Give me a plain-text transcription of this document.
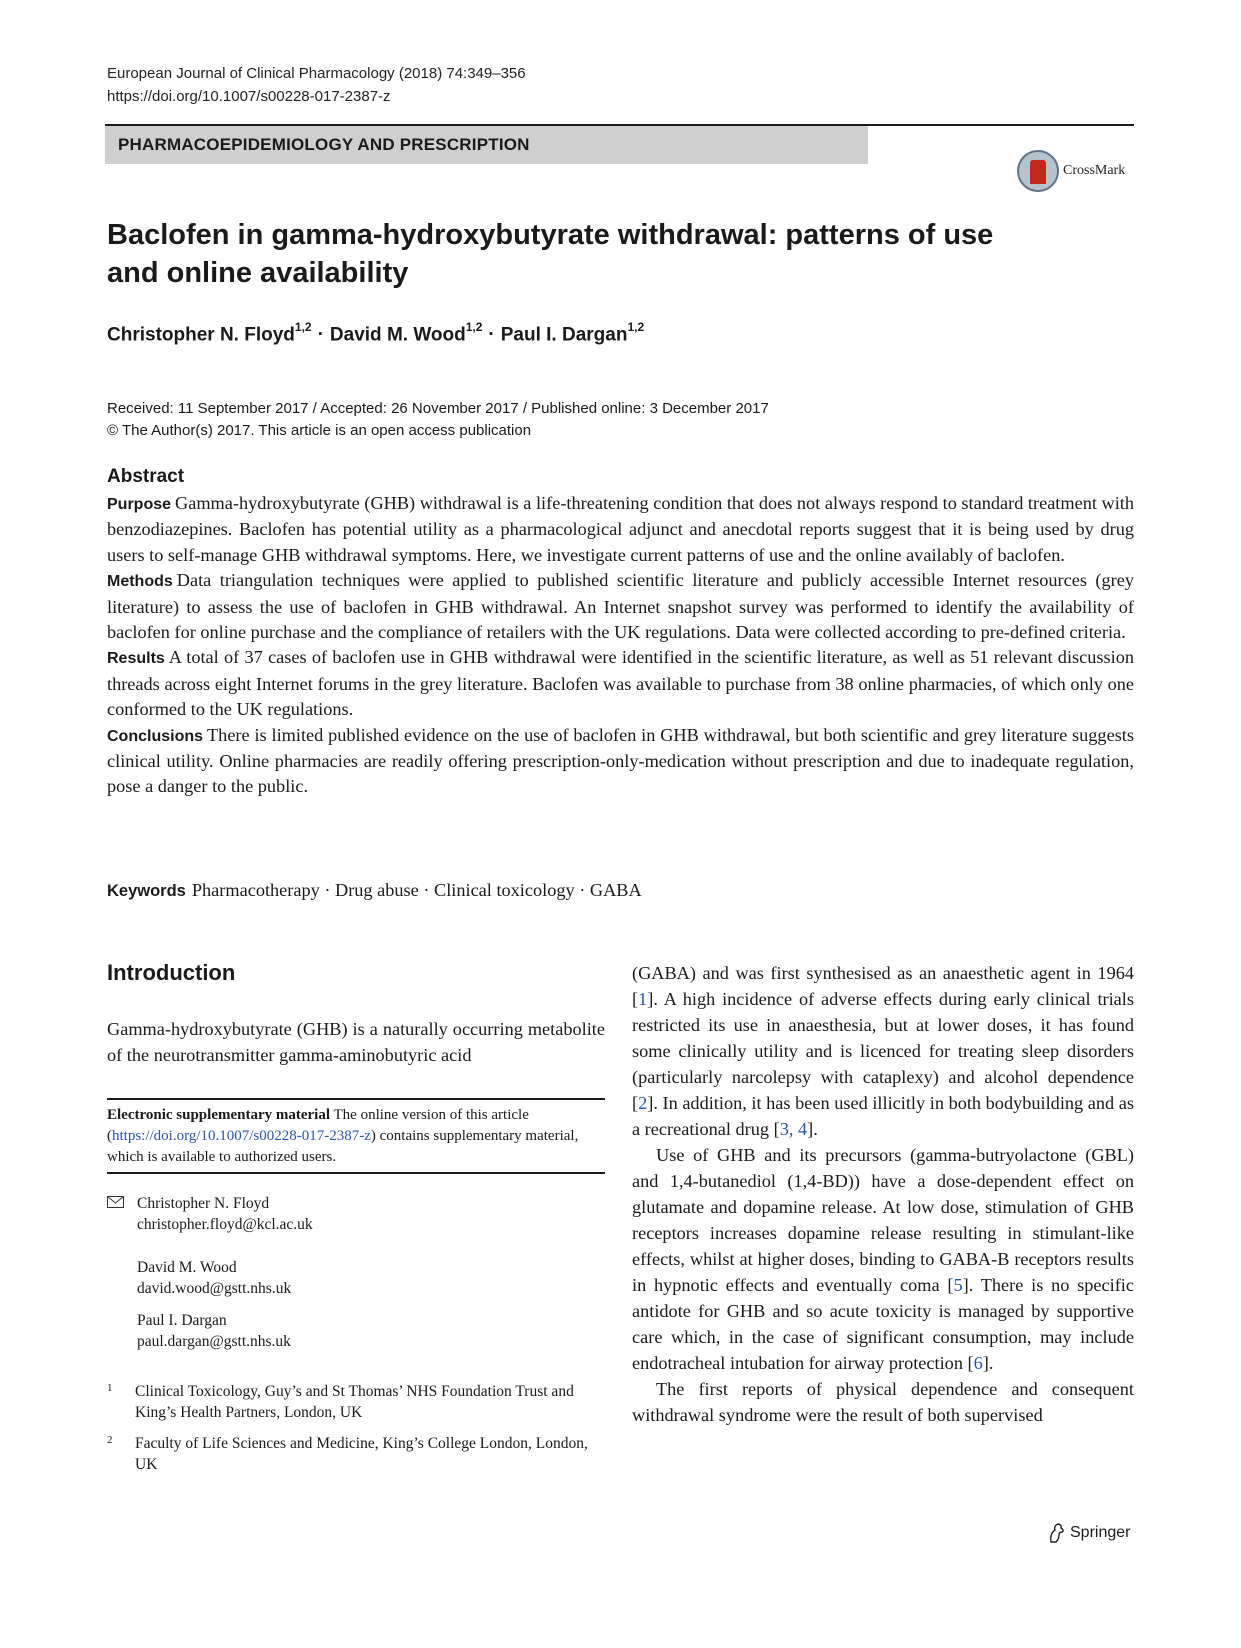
European Journal of Clinical Pharmacology (2018) 74:349–356
https://doi.org/10.1007/s00228-017-2387-z
PHARMACOEPIDEMIOLOGY AND PRESCRIPTION
CrossMark
Baclofen in gamma-hydroxybutyrate withdrawal: patterns of use and online availability
Christopher N. Floyd$^{1,2}$ · David M. Wood$^{1,2}$ · Paul I. Dargan$^{1,2}$
Received: 11 September 2017 / Accepted: 26 November 2017 / Published online: 3 December 2017
© The Author(s) 2017. This article is an open access publication
Abstract

Purpose Gamma-hydroxybutyrate (GHB) withdrawal is a life-threatening condition that does not always respond to standard treatment with benzodiazepines. Baclofen has potential utility as a pharmacological adjunct and anecdotal reports suggest that it is being used by drug users to self-manage GHB withdrawal symptoms. Here, we investigate current patterns of use and the online availably of baclofen.

Methods Data triangulation techniques were applied to published scientific literature and publicly accessible Internet resources (grey literature) to assess the use of baclofen in GHB withdrawal. An Internet snapshot survey was performed to identify the availability of baclofen for online purchase and the compliance of retailers with the UK regulations. Data were collected according to pre-defined criteria.

Results A total of 37 cases of baclofen use in GHB withdrawal were identified in the scientific literature, as well as 51 relevant discussion threads across eight Internet forums in the grey literature. Baclofen was available to purchase from 38 online pharmacies, of which only one conformed to the UK regulations.

Conclusions There is limited published evidence on the use of baclofen in GHB withdrawal, but both scientific and grey literature suggests clinical utility. Online pharmacies are readily offering prescription-only-medication without prescription and due to inadequate regulation, pose a danger to the public.

Keywords Pharmacotherapy · Drug abuse · Clinical toxicology · GABA
Introduction
Gamma-hydroxybutyrate (GHB) is a naturally occurring metabolite of the neurotransmitter gamma-aminobutyric acid
Electronic supplementary material The online version of this article (https://doi.org/10.1007/s00228-017-2387-z) contains supplementary material, which is available to authorized users.
Christopher N. Floyd
christopher.floyd@kcl.ac.uk
David M. Wood
david.wood@gstt.nhs.uk
Paul I. Dargan
paul.dargan@gstt.nhs.uk
1 Clinical Toxicology, Guy’s and St Thomas’ NHS Foundation Trust and King’s Health Partners, London, UK
2 Faculty of Life Sciences and Medicine, King’s College London, London, UK

(GABA) and was first synthesised as an anaesthetic agent in 1964 [1]. A high incidence of adverse effects during early clinical trials restricted its use in anaesthesia, but at lower doses, it has found some clinically utility and is licenced for treating sleep disorders (particularly narcolepsy with cataplexy) and alcohol dependence [2]. In addition, it has been used illicitly in both bodybuilding and as a recreational drug [3, 4].

Use of GHB and its precursors (gamma-butryolactone (GBL) and 1,4-butanediol (1,4-BD)) have a dose-dependent effect on glutamate and dopamine release. At low dose, stimulation of GHB receptors increases dopamine release resulting in stimulant-like effects, whilst at higher doses, binding to GABA-B receptors results in hypnotic effects and eventually coma [5]. There is no specific antidote for GHB and so acute toxicity is managed by supportive care which, in the case of significant consumption, may include endotracheal intubation for airway protection [6].

The first reports of physical dependence and consequent withdrawal syndrome were the result of both supervised

Springer
